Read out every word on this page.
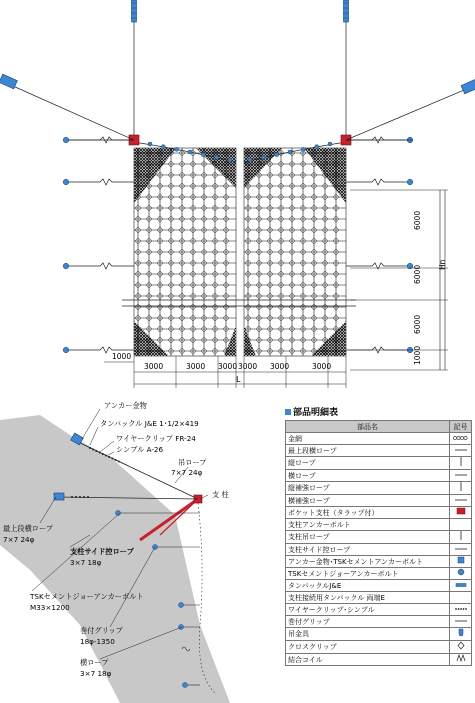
6000
6000
6000
1000
Hn
1000
3000	3000 3000 3000 3000	3000
L
アンカー金物
タンバックル J&E 1･1/2×419
ワイヤークリップ FR-24
シンブル A-26
吊ロープ
7×7 24φ
支 柱
最上段横ロープ
7×7 24φ
支柱サイド控ロープ
3×7 18φ
TSKセメントジョーアンカーボルト
M33×1200
巻付グリップ
18φ-1350
横ロープ
3×7 18φ
部品明細表
部品名	記号
金網	
最上段横ロープ	
縦ロープ	
横ロープ	
縦補強ロープ	
横補強ロープ	
ポケット支柱（タラップ付）	
支柱アンカーボルト	
支柱吊ロープ	
支柱サイド控ロープ	
アンカー金物･TSKセメントアンカーボルト	
TSKセメントジョーアンカーボルト	
タンバックルJ&E	
支柱接続用タンバックル 両端E	
ワイヤークリップ･シンブル	
巻付グリップ	
吊金具	
クロスクリップ	
結合コイル	
